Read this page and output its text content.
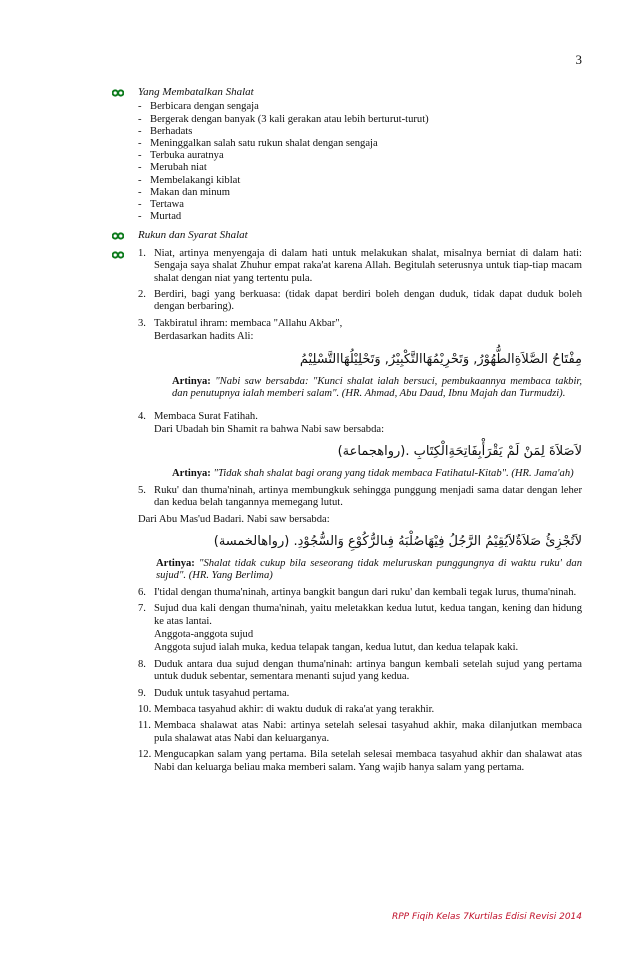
3
Yang Membatalkan Shalat
- Berbicara dengan sengaja
- Bergerak dengan banyak (3 kali gerakan atau lebih berturut-turut)
- Berhadats
- Meninggalkan salah satu rukun shalat dengan sengaja
- Terbuka auratnya
- Merubah niat
- Membelakangi kiblat
- Makan dan minum
- Tertawa
- Murtad
Rukun dan Syarat Shalat
1. Niat, artinya menyengaja di dalam hati untuk melakukan shalat, misalnya berniat di dalam hati: Sengaja saya shalat Zhuhur empat raka'at karena Allah. Begitulah seterusnya untuk tiap-tiap macam shalat dengan niat yang tertentu pula.
2. Berdiri, bagi yang berkuasa: (tidak dapat berdiri boleh dengan duduk, tidak dapat duduk boleh dengan berbaring).
3. Takbiratul ihram: membaca "Allahu Akbar",
Berdasarkan hadits Ali:
مِفْتَاحُ الصَّلاَةِالطُّهُوْرُ, وَتَحْرِيْمُهَاالتَّكْبِيْرُ, وَتَحْلِيْلُهَاالتَّسْلِيْمُ
Artinya: "Nabi saw bersabda: "Kunci shalat ialah bersuci, pembukaannya membaca takbir, dan penutupnya ialah memberi salam". (HR. Ahmad, Abu Daud, Ibnu Majah dan Turmudzi).
4. Membaca Surat Fatihah.
Dari Ubadah bin Shamit ra bahwa Nabi saw bersabda:
لاَصَلاَةَ لِمَنْ لَمْ يَقْرَأْبِفَاتِحَةِالْكِتَابِ .(رواهجماعة)
Artinya: "Tidak shah shalat bagi orang yang tidak membaca Fatihatul-Kitab". (HR. Jama'ah)
5. Ruku' dan thuma'ninah, artinya membungkuk sehingga punggung menjadi sama datar dengan leher dan kedua belah tangannya memegang lutut.
Dari Abu Mas'ud Badari. Nabi saw bersabda:
لاَتُجْزِئُ صَلاَةٌلاَيُقِيْمُ الرَّجُلُ فِيْهَاصُلْبَهُ فِىالرُّكُوْعِ وَالسُّجُوْدِ. (رواهالخمسة)
Artinya: "Shalat tidak cukup bila seseorang tidak meluruskan punggungnya di waktu ruku' dan sujud". (HR. Yang Berlima)
6. I'tidal dengan thuma'ninah, artinya bangkit bangun dari ruku' dan kembali tegak lurus, thuma'ninah.
7. Sujud dua kali dengan thuma'ninah, yaitu meletakkan kedua lutut, kedua tangan, kening dan hidung ke atas lantai.
Anggota-anggota sujud
Anggota sujud ialah muka, kedua telapak tangan, kedua lutut, dan kedua telapak kaki.
8. Duduk antara dua sujud dengan thuma'ninah: artinya bangun kembali setelah sujud yang pertama untuk duduk sebentar, sementara menanti sujud yang kedua.
9. Duduk untuk tasyahud pertama.
10. Membaca tasyahud akhir: di waktu duduk di raka'at yang terakhir.
11. Membaca shalawat atas Nabi: artinya setelah selesai tasyahud akhir, maka dilanjutkan membaca pula shalawat atas Nabi dan keluarganya.
12. Mengucapkan salam yang pertama. Bila setelah selesai membaca tasyahud akhir dan shalawat atas Nabi dan keluarga beliau maka memberi salam. Yang wajib hanya salam yang pertama.
RPP Fiqih Kelas 7Kurtilas Edisi Revisi 2014
